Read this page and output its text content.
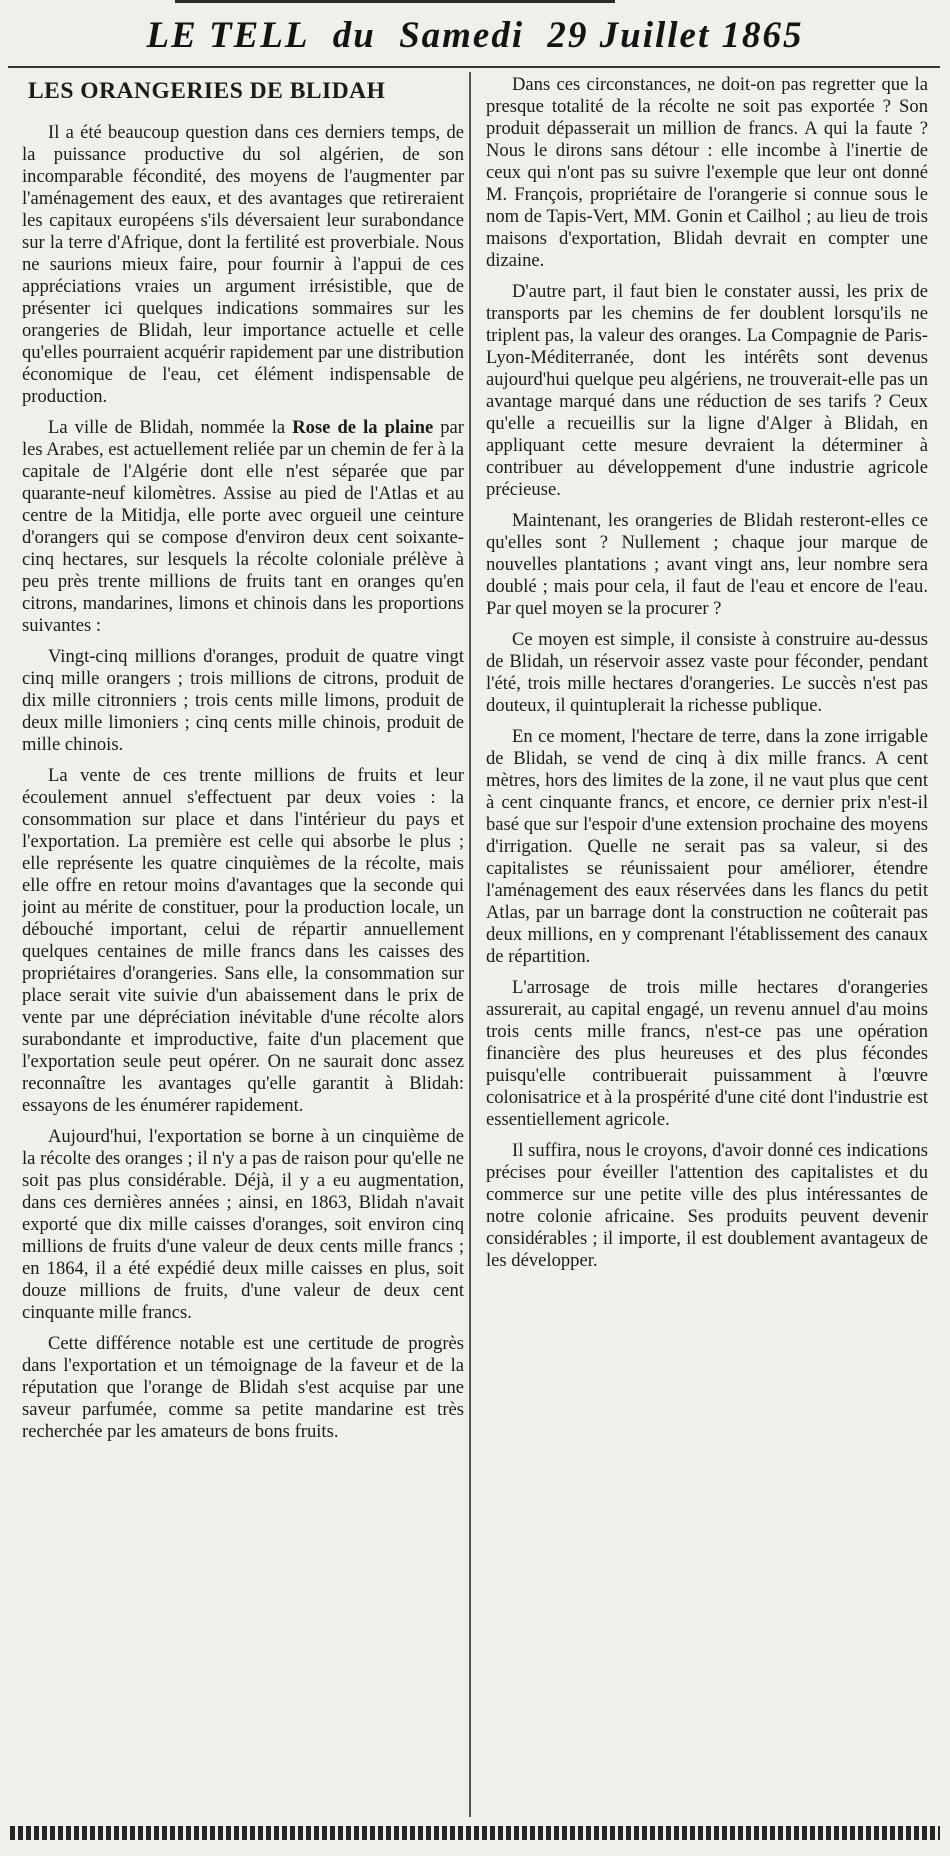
LE TELL du Samedi 29 Juillet 1865
LES ORANGERIES DE BLIDAH

Il a été beaucoup question dans ces derniers temps, de la puissance productive du sol algérien, de son incomparable fécondité, des moyens de l'augmenter par l'aménagement des eaux, et des avantages que retireraient les capitaux européens s'ils déversaient leur surabondance sur la terre d'Afrique, dont la fertilité est proverbiale. Nous ne saurions mieux faire, pour fournir à l'appui de ces appréciations vraies un argument irrésistible, que de présenter ici quelques indications sommaires sur les orangeries de Blidah, leur importance actuelle et celle qu'elles pourraient acquérir rapidement par une distribution économique de l'eau, cet élément indispensable de production.

La ville de Blidah, nommée la Rose de la plaine par les Arabes, est actuellement reliée par un chemin de fer à la capitale de l'Algérie dont elle n'est séparée que par quarante-neuf kilomètres. Assise au pied de l'Atlas et au centre de la Mitidja, elle porte avec orgueil une ceinture d'orangers qui se compose d'environ deux cent soixante-cinq hectares, sur lesquels la récolte coloniale prélève à peu près trente millions de fruits tant en oranges qu'en citrons, mandarines, limons et chinois dans les proportions suivantes :

Vingt-cinq millions d'oranges, produit de quatre vingt cinq mille orangers ; trois millions de citrons, produit de dix mille citronniers ; trois cents mille limons, produit de deux mille limoniers ; cinq cents mille chinois, produit de mille chinois.

La vente de ces trente millions de fruits et leur écoulement annuel s'effectuent par deux voies : la consommation sur place et dans l'intérieur du pays et l'exportation. La première est celle qui absorbe le plus ; elle représente les quatre cinquièmes de la récolte, mais elle offre en retour moins d'avantages que la seconde qui joint au mérite de constituer, pour la production locale, un débouché important, celui de répartir annuellement quelques centaines de mille francs dans les caisses des propriétaires d'orangeries. Sans elle, la consommation sur place serait vite suivie d'un abaissement dans le prix de vente par une dépréciation inévitable d'une récolte alors surabondante et improductive, faite d'un placement que l'exportation seule peut opérer. On ne saurait donc assez reconnaître les avantages qu'elle garantit à Blidah: essayons de les énumérer rapidement.

Aujourd'hui, l'exportation se borne à un cinquième de la récolte des oranges ; il n'y a pas de raison pour qu'elle ne soit pas plus considérable. Déjà, il y a eu augmentation, dans ces dernières années ; ainsi, en 1863, Blidah n'avait exporté que dix mille caisses d'oranges, soit environ cinq millions de fruits d'une valeur de deux cents mille francs ; en 1864, il a été expédié deux mille caisses en plus, soit douze millions de fruits, d'une valeur de deux cent cinquante mille francs.

Cette différence notable est une certitude de progrès dans l'exportation et un témoignage de la faveur et de la réputation que l'orange de Blidah s'est acquise par une saveur parfumée, comme sa petite mandarine est très recherchée par les amateurs de bons fruits.

Dans ces circonstances, ne doit-on pas regretter que la presque totalité de la récolte ne soit pas exportée ? Son produit dépasserait un million de francs. A qui la faute ? Nous le dirons sans détour : elle incombe à l'inertie de ceux qui n'ont pas su suivre l'exemple que leur ont donné M. François, propriétaire de l'orangerie si connue sous le nom de Tapis-Vert, MM. Gonin et Cailhol ; au lieu de trois maisons d'exportation, Blidah devrait en compter une dizaine.

D'autre part, il faut bien le constater aussi, les prix de transports par les chemins de fer doublent lorsqu'ils ne triplent pas, la valeur des oranges. La Compagnie de Paris-Lyon-Méditerranée, dont les intérêts sont devenus aujourd'hui quelque peu algériens, ne trouverait-elle pas un avantage marqué dans une réduction de ses tarifs ? Ceux qu'elle a recueillis sur la ligne d'Alger à Blidah, en appliquant cette mesure devraient la déterminer à contribuer au développement d'une industrie agricole précieuse.

Maintenant, les orangeries de Blidah resteront-elles ce qu'elles sont ? Nullement ; chaque jour marque de nouvelles plantations ; avant vingt ans, leur nombre sera doublé ; mais pour cela, il faut de l'eau et encore de l'eau. Par quel moyen se la procurer ?

Ce moyen est simple, il consiste à construire au-dessus de Blidah, un réservoir assez vaste pour féconder, pendant l'été, trois mille hectares d'orangeries. Le succès n'est pas douteux, il quintuplerait la richesse publique.

En ce moment, l'hectare de terre, dans la zone irrigable de Blidah, se vend de cinq à dix mille francs. A cent mètres, hors des limites de la zone, il ne vaut plus que cent à cent cinquante francs, et encore, ce dernier prix n'est-il basé que sur l'espoir d'une extension prochaine des moyens d'irrigation. Quelle ne serait pas sa valeur, si des capitalistes se réunissaient pour améliorer, étendre l'aménagement des eaux réservées dans les flancs du petit Atlas, par un barrage dont la construction ne coûterait pas deux millions, en y comprenant l'établissement des canaux de répartition.

L'arrosage de trois mille hectares d'orangeries assurerait, au capital engagé, un revenu annuel d'au moins trois cents mille francs, n'est-ce pas une opération financière des plus heureuses et des plus fécondes puisqu'elle contribuerait puissamment à l'œuvre colonisatrice et à la prospérité d'une cité dont l'industrie est essentiellement agricole.

Il suffira, nous le croyons, d'avoir donné ces indications précises pour éveiller l'attention des capitalistes et du commerce sur une petite ville des plus intéressantes de notre colonie africaine. Ses produits peuvent devenir considérables ; il importe, il est doublement avantageux de les développer.
